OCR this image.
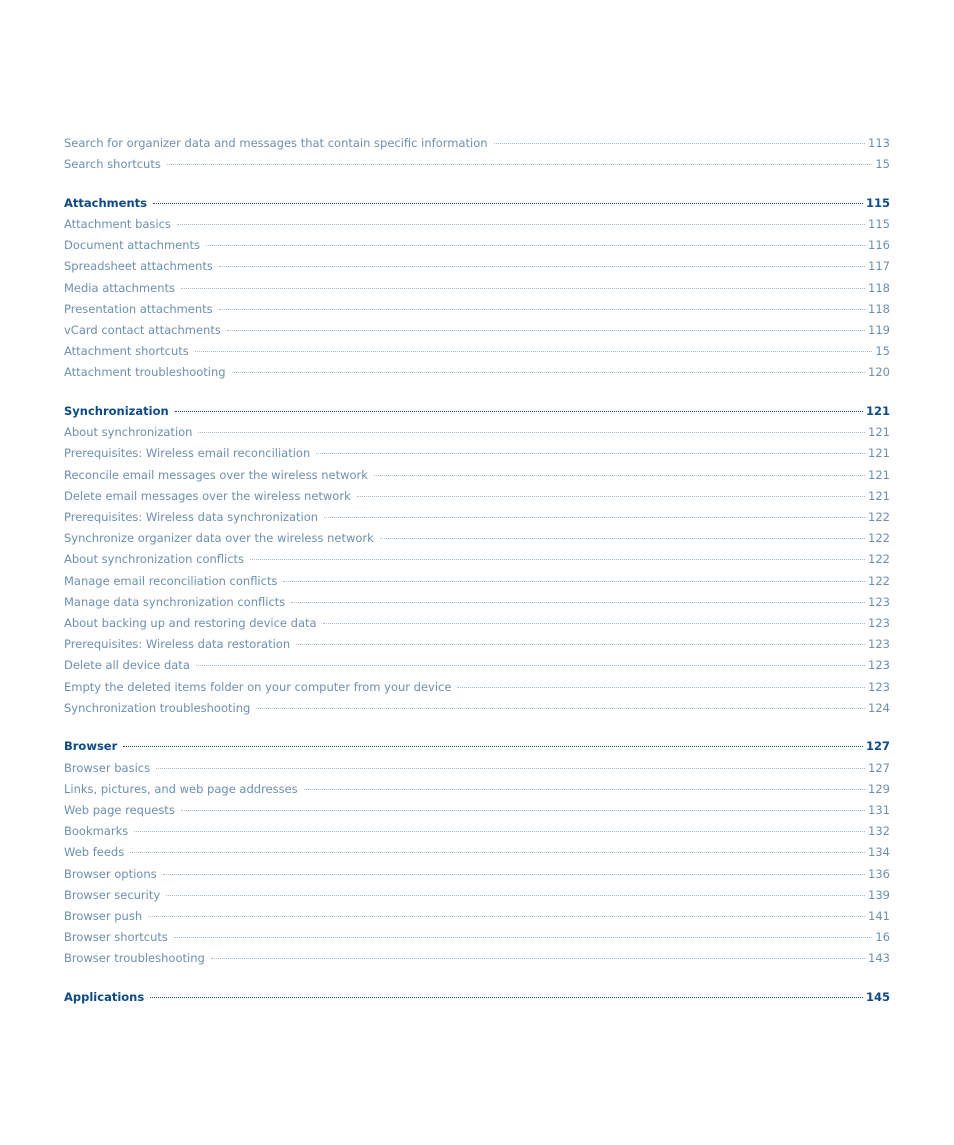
Search for organizer data and messages that contain specific information	113
Search shortcuts	15
Attachments	115
Attachment basics	115
Document attachments	116
Spreadsheet attachments	117
Media attachments	118
Presentation attachments	118
vCard contact attachments	119
Attachment shortcuts	15
Attachment troubleshooting	120
Synchronization	121
About synchronization	121
Prerequisites: Wireless email reconciliation	121
Reconcile email messages over the wireless network	121
Delete email messages over the wireless network	121
Prerequisites: Wireless data synchronization	122
Synchronize organizer data over the wireless network	122
About synchronization conflicts	122
Manage email reconciliation conflicts	122
Manage data synchronization conflicts	123
About backing up and restoring device data	123
Prerequisites: Wireless data restoration	123
Delete all device data	123
Empty the deleted items folder on your computer from your device	123
Synchronization troubleshooting	124
Browser	127
Browser basics	127
Links, pictures, and web page addresses	129
Web page requests	131
Bookmarks	132
Web feeds	134
Browser options	136
Browser security	139
Browser push	141
Browser shortcuts	16
Browser troubleshooting	143
Applications	145
